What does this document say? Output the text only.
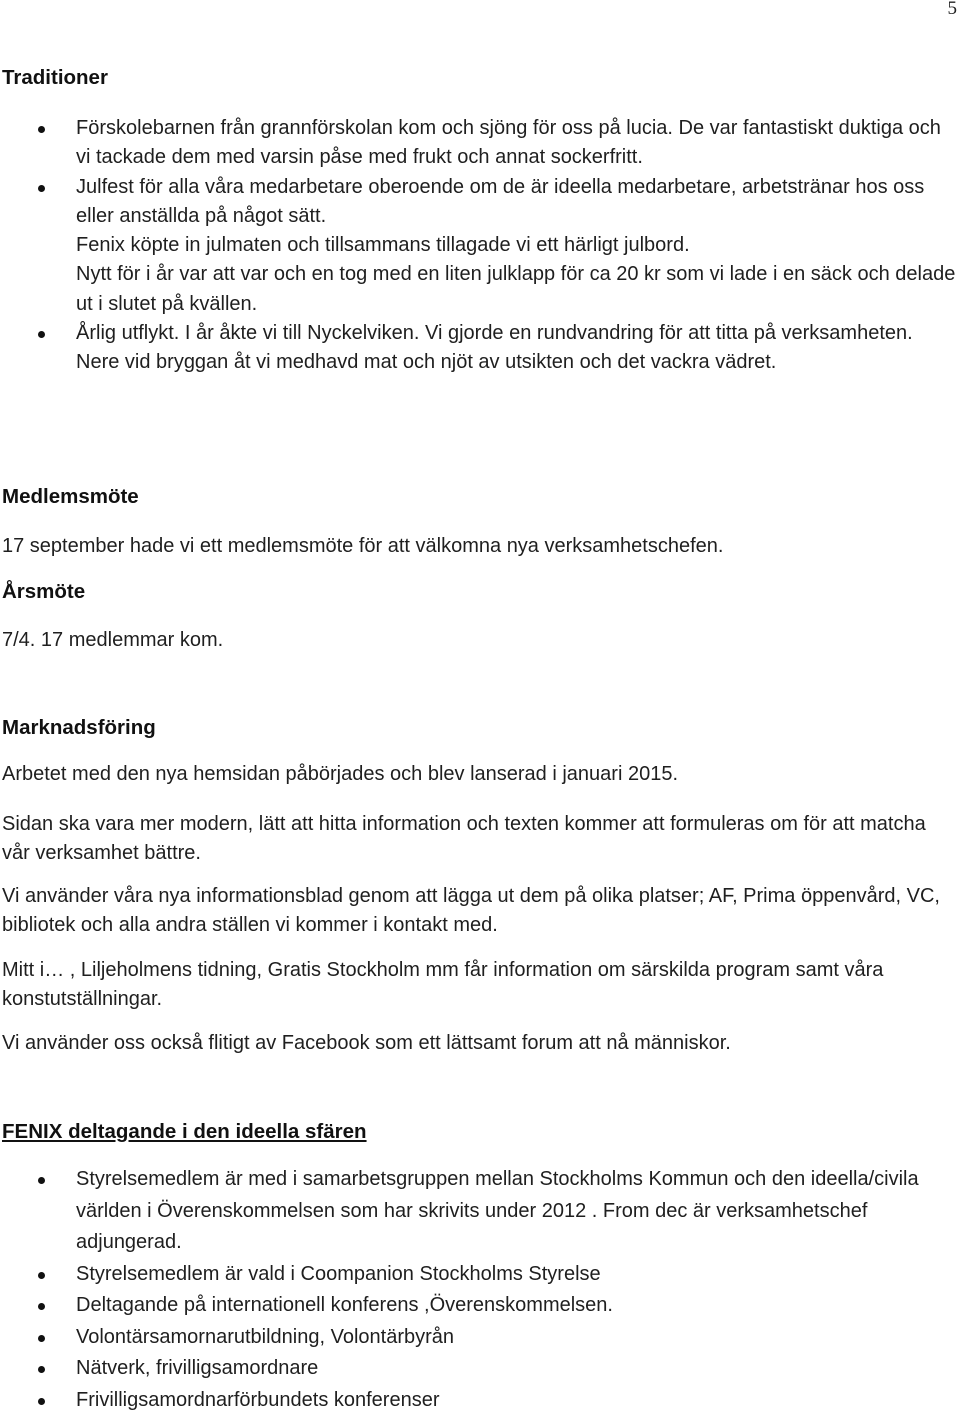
5
Traditioner
Förskolebarnen från grannförskolan kom och sjöng för oss på lucia. De var fantastiskt duktiga och vi tackade dem med varsin påse med frukt och annat sockerfritt.
Julfest för alla våra medarbetare oberoende om de är ideella medarbetare, arbetstränar hos oss eller anställda på något sätt.
Fenix köpte in julmaten och tillsammans tillagade vi ett härligt julbord.
Nytt för i år var att var och en tog med en liten julklapp för ca 20 kr som vi lade i en säck och delade ut i slutet på kvällen.
Årlig utflykt. I år åkte vi till Nyckelviken. Vi gjorde en rundvandring för att titta på verksamheten. Nere vid bryggan åt vi medhavd mat och njöt av utsikten och det vackra vädret.
Medlemsmöte

17 september hade vi ett medlemsmöte för att välkomna nya verksamhetschefen.

Årsmöte

7/4. 17 medlemmar kom.

Marknadsföring

Arbetet med den nya hemsidan påbörjades och blev lanserad i januari 2015.

Sidan ska vara mer modern, lätt att hitta information och texten kommer att formuleras om för att matcha vår verksamhet bättre.

Vi använder våra nya informationsblad genom att lägga ut dem på olika platser; AF, Prima öppenvård, VC, bibliotek och alla andra ställen vi kommer i kontakt med.

Mitt i… , Liljeholmens tidning, Gratis Stockholm mm får information om särskilda program samt våra konstutställningar.

Vi använder oss också flitigt av Facebook som ett lättsamt forum att nå människor.

FENIX deltagande i den ideella sfären
Styrelsemedlem är med i samarbetsgruppen mellan Stockholms Kommun och den ideella/civila världen i Överenskommelsen som har skrivits under 2012 . From dec är verksamhetschef adjungerad.
Styrelsemedlem är vald i Coompanion Stockholms Styrelse
Deltagande på internationell konferens ,Överenskommelsen.
Volontärsamornarutbildning, Volontärbyrån
Nätverk, frivilligsamordnare
Frivilligsamordnarförbundets konferenser
